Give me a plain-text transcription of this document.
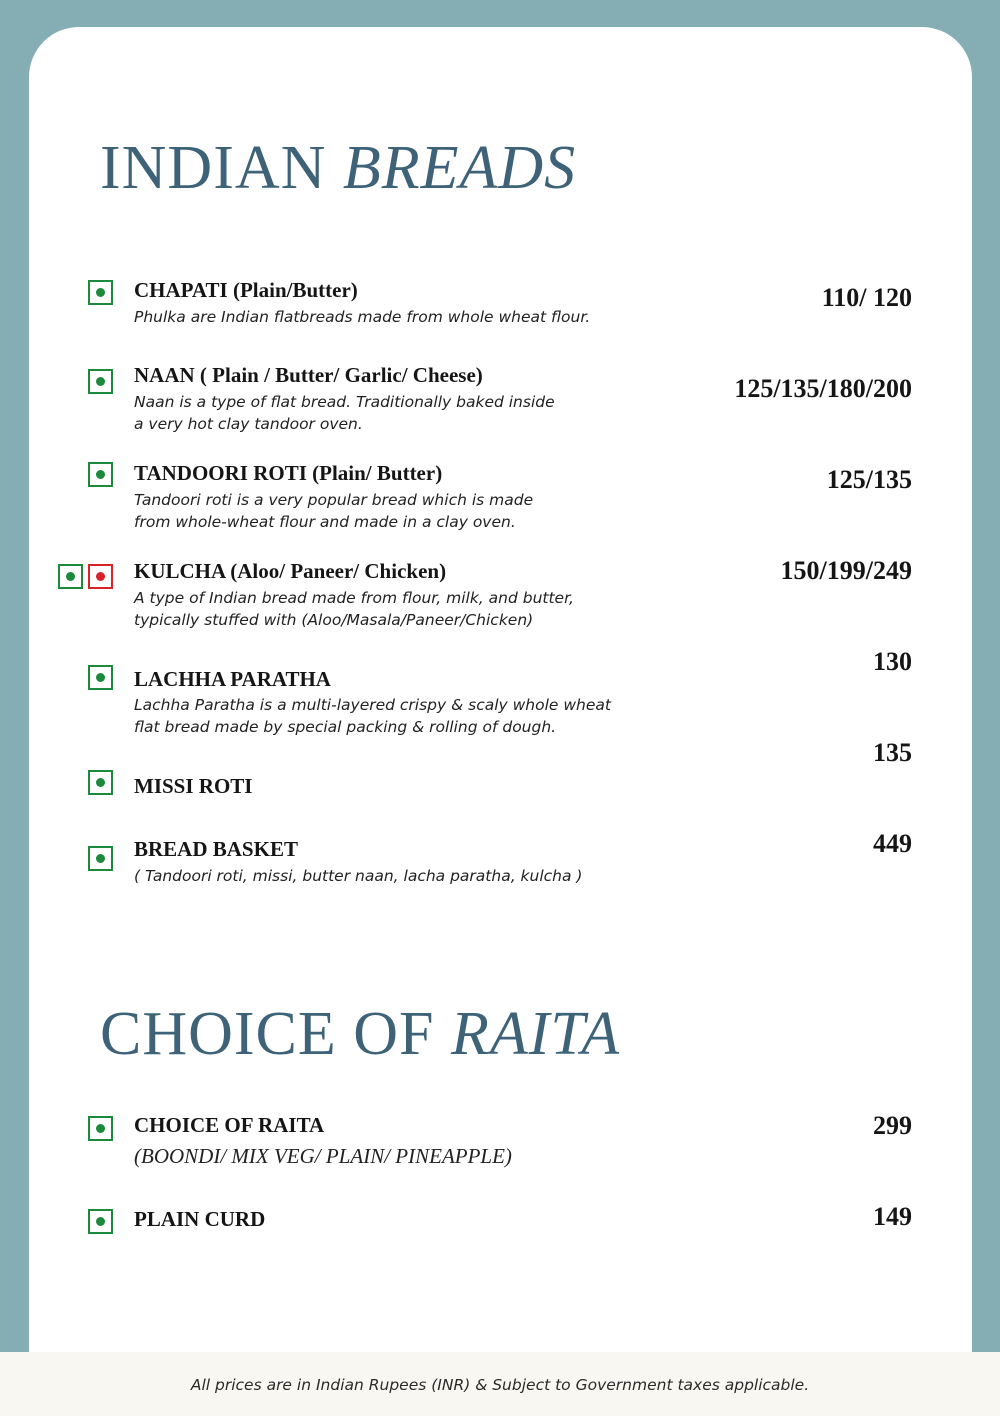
INDIAN BREADS
CHAPATI (Plain/Butter)
Phulka are Indian flatbreads made from whole wheat flour.
110/ 120
NAAN ( Plain / Butter/ Garlic/ Cheese)
Naan is a type of flat bread. Traditionally baked inside
a very hot clay tandoor oven.
125/135/180/200
TANDOORI ROTI (Plain/ Butter)
Tandoori roti is a very popular bread which is made
from whole-wheat flour and made in a clay oven.
125/135
KULCHA (Aloo/ Paneer/ Chicken)
A type of Indian bread made from flour, milk, and butter,
typically stuffed with (Aloo/Masala/Paneer/Chicken)
150/199/249
LACHHA PARATHA
Lachha Paratha is a multi-layered crispy & scaly whole wheat
flat bread made by special packing & rolling of dough.
130
MISSI ROTI
135
BREAD BASKET
( Tandoori roti, missi, butter naan, lacha paratha, kulcha )
449
CHOICE OF RAITA
CHOICE OF RAITA
(BOONDI/ MIX VEG/ PLAIN/ PINEAPPLE)
299
PLAIN CURD	149
All prices are in Indian Rupees (INR) & Subject to Government taxes applicable.
